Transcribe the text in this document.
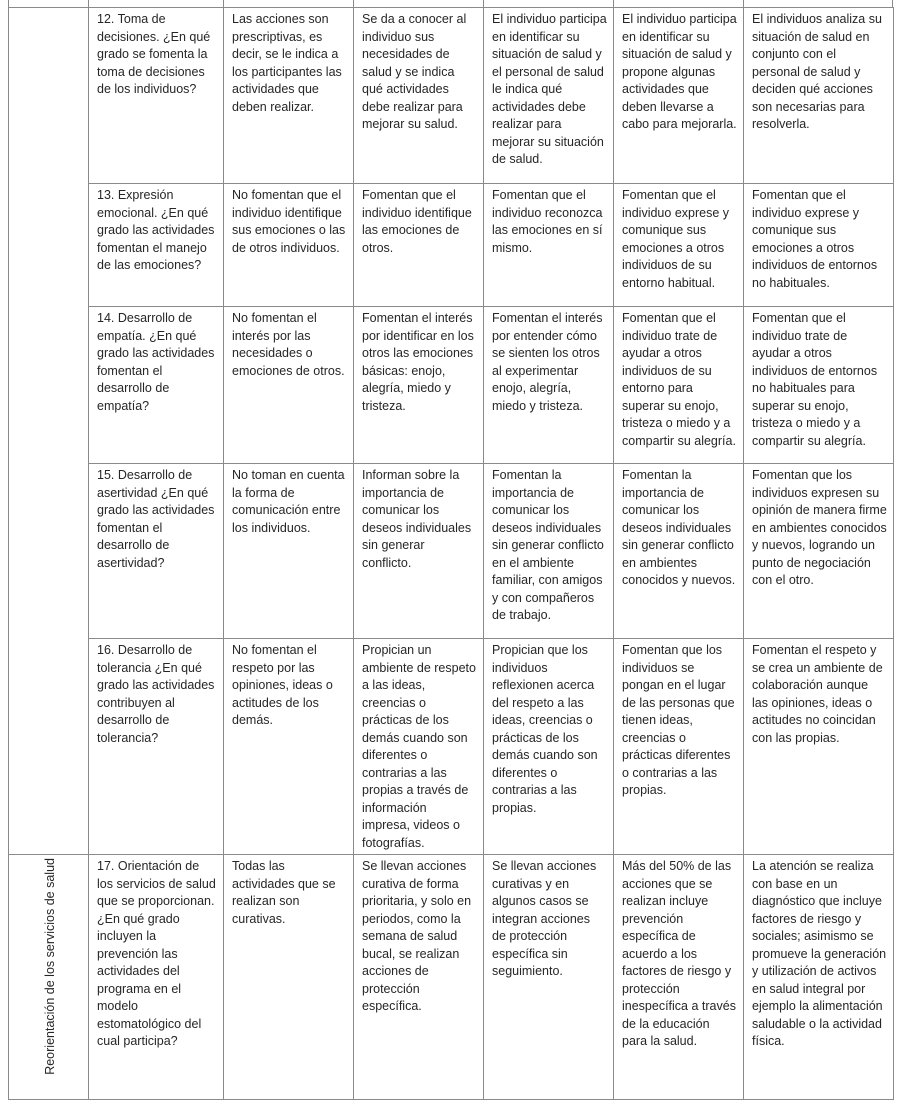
	12. Toma de decisiones. ¿En qué grado se fomenta la toma de decisiones de los individuos?	Las acciones son prescriptivas, es decir, se le indica a los participantes las actividades que deben realizar.	Se da a conocer al individuo sus necesidades de salud y se indica qué actividades debe realizar para mejorar su salud.	El individuo participa en identificar su situación de salud y el personal de salud le indica qué actividades debe realizar para mejorar su situación de salud.	El individuo participa en identificar su situación de salud y propone algunas actividades que deben llevarse a cabo para mejorarla.	El individuos analiza su situación de salud en conjunto con el personal de salud y deciden qué acciones son necesarias para resolverla.
	13. Expresión emocional. ¿En qué grado las actividades fomentan el manejo de las emociones?	No fomentan que el individuo identifique sus emociones o las de otros individuos.	Fomentan que el individuo identifique las emociones de otros.	Fomentan que el individuo reconozca las emociones en sí mismo.	Fomentan que el individuo exprese y comunique sus emociones a otros individuos de su entorno habitual.	Fomentan que el individuo exprese y comunique sus emociones a otros individuos de entornos no habituales.
	14. Desarrollo de empatía. ¿En qué grado las actividades fomentan el desarrollo de empatía?	No fomentan el interés por las necesidades o emociones de otros.	Fomentan el interés por identificar en los otros las emociones básicas: enojo, alegría, miedo y tristeza.	Fomentan el interés por entender cómo se sienten los otros al experimentar enojo, alegría, miedo y tristeza.	Fomentan que el individuo trate de ayudar a otros individuos de su entorno para superar su enojo, tristeza o miedo y a compartir su alegría.	Fomentan que el individuo trate de ayudar a otros individuos de entornos no habituales para superar su enojo, tristeza o miedo y a compartir su alegría.
	15. Desarrollo de asertividad ¿En qué grado las actividades fomentan el desarrollo de asertividad?	No toman en cuenta la forma de comunicación entre los individuos.	Informan sobre la importancia de comunicar los deseos individuales sin generar conflicto.	Fomentan la importancia de comunicar los deseos individuales sin generar conflicto en el ambiente familiar, con amigos y con compañeros de trabajo.	Fomentan la importancia de comunicar los deseos individuales sin generar conflicto en ambientes conocidos y nuevos.	Fomentan que los individuos expresen su opinión de manera firme en ambientes conocidos y nuevos, logrando un punto de negociación con el otro.
	16. Desarrollo de tolerancia ¿En qué grado las actividades contribuyen al desarrollo de tolerancia?	No fomentan el respeto por las opiniones, ideas o actitudes de los demás.	Propician un ambiente de respeto a las ideas, creencias o prácticas de los demás cuando son diferentes o contrarias a las propias a través de información impresa, videos o fotografías.	Propician que los individuos reflexionen acerca del respeto a las ideas, creencias o prácticas de los demás cuando son diferentes o contrarias a las propias.	Fomentan que los individuos se pongan en el lugar de las personas que tienen ideas, creencias o prácticas diferentes o contrarias a las propias.	Fomentan el respeto y se crea un ambiente de colaboración aunque las opiniones, ideas o actitudes no coincidan con las propias.
Reorientación de los servicios de salud	17. Orientación de los servicios de salud que se proporcionan. ¿En qué grado incluyen la prevención las actividades del programa en el modelo estomatológico del cual participa?	Todas las actividades que se realizan son curativas.	Se llevan acciones curativa de forma prioritaria, y solo en periodos, como la semana de salud bucal, se realizan acciones de protección específica.	Se llevan acciones curativas y en algunos casos se integran acciones de protección específica sin seguimiento.	Más del 50% de las acciones que se realizan incluye prevención específica de acuerdo a los factores de riesgo y protección inespecífica a través de la educación para la salud.	La atención se realiza con base en un diagnóstico que incluye factores de riesgo y sociales; asimismo se promueve la generación y utilización de activos en salud integral por ejemplo la alimentación saludable o la actividad física.
